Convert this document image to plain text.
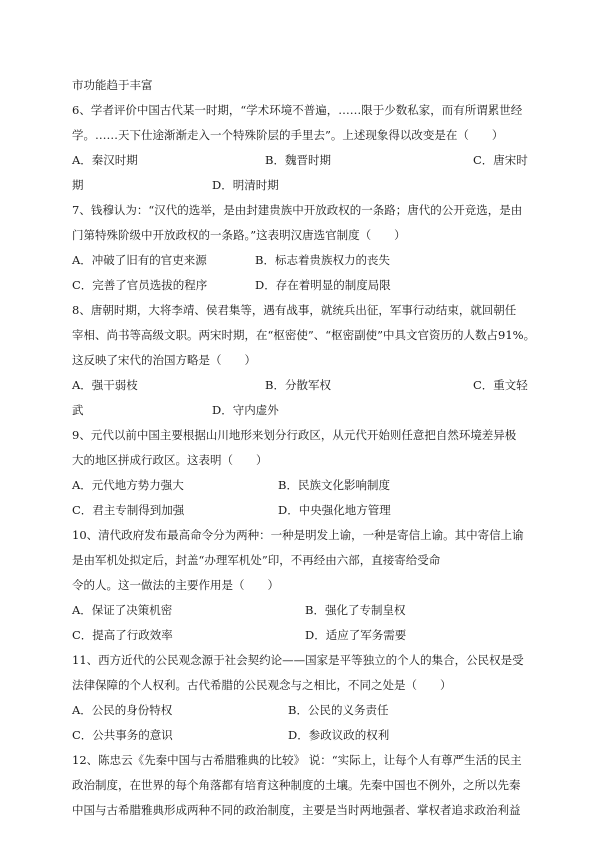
市功能趋于丰富
6、学者评价中国古代某一时期，“学术环境不普遍，……限于少数私家，而有所谓累世经
学。……天下仕途渐渐走入一个特殊阶层的手里去”。上述现象得以改变是在（　　）
A．秦汉时期	B．魏晋时期	C．唐宋时
期	D．明清时期
7、钱穆认为：“汉代的选举，是由封建贵族中开放政权的一条路；唐代的公开竞选，是由
门第特殊阶级中开放政权的一条路。”这表明汉唐选官制度（　　）
A．冲破了旧有的官吏来源	B．标志着贵族权力的丧失
C．完善了官员选拔的程序	D．存在着明显的制度局限
8、唐朝时期，大将李靖、侯君集等，遇有战事，就统兵出征，军事行动结束，就回朝任
宰相、尚书等高级文职。两宋时期，在“枢密使”、“枢密副使”中具文官资历的人数占91%。
这反映了宋代的治国方略是（　　）
A．强干弱枝	B．分散军权	C．重文轻
武	D．守内虚外
9、元代以前中国主要根据山川地形来划分行政区，从元代开始则任意把自然环境差异极
大的地区拼成行政区。这表明（　　）
A．元代地方势力强大	B．民族文化影响制度
C．君主专制得到加强	D．中央强化地方管理
10、清代政府发布最高命令分为两种：一种是明发上谕，一种是寄信上谕。其中寄信上谕
是由军机处拟定后，封盖“办理军机处”印，不再经由六部，直接寄给受命
令的人。这一做法的主要作用是（　　）
A．保证了决策机密	B．强化了专制皇权
C．提高了行政效率	D．适应了军务需要
11、西方近代的公民观念源于社会契约论——国家是平等独立的个人的集合，公民权是受
法律保障的个人权利。古代希腊的公民观念与之相比，不同之处是（　　）
A．公民的身份特权	B．公民的义务责任
C．公共事务的意识	D．参政议政的权利
12、陈忠云《先秦中国与古希腊雅典的比较》 说：“实际上，让每个人有尊严生活的民主
政治制度，在世界的每个角落都有培育这种制度的土壤。先秦中国也不例外，之所以先秦
中国与古希腊雅典形成两种不同的政治制度，主要是当时两地强者、掌权者追求政治利益
